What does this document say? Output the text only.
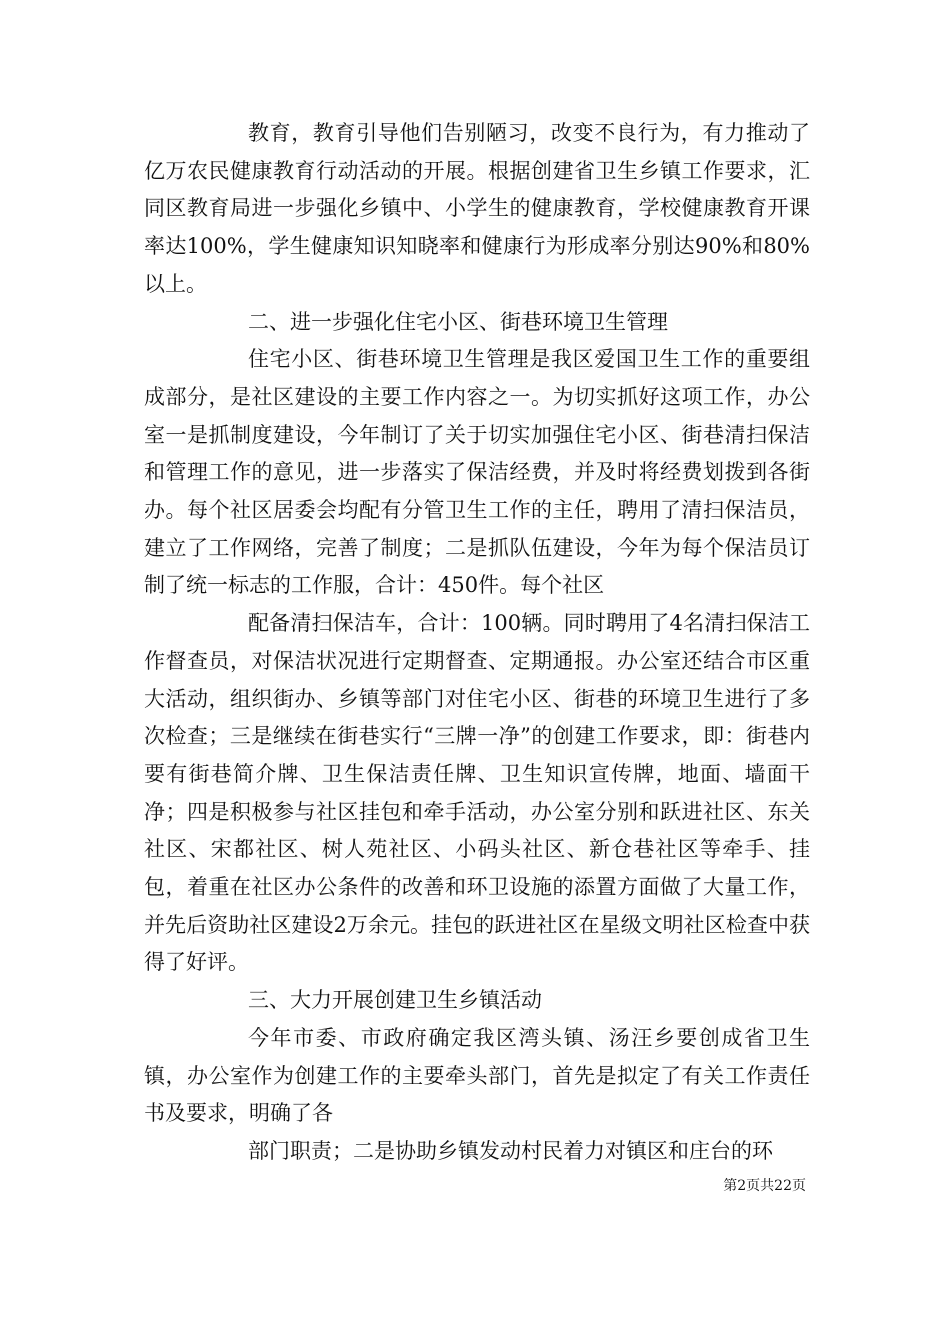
教育，教育引导他们告别陋习，改变不良行为，有力推动了亿万农民健康教育行动活动的开展。根据创建省卫生乡镇工作要求，汇同区教育局进一步强化乡镇中、小学生的健康教育，学校健康教育开课率达100%，学生健康知识知晓率和健康行为形成率分别达90%和80%以上。

二、进一步强化住宅小区、街巷环境卫生管理

住宅小区、街巷环境卫生管理是我区爱国卫生工作的重要组成部分，是社区建设的主要工作内容之一。为切实抓好这项工作，办公室一是抓制度建设，今年制订了关于切实加强住宅小区、街巷清扫保洁和管理工作的意见，进一步落实了保洁经费，并及时将经费划拨到各街办。每个社区居委会均配有分管卫生工作的主任，聘用了清扫保洁员，建立了工作网络，完善了制度；二是抓队伍建设，今年为每个保洁员订制了统一标志的工作服，合计：450件。每个社区

配备清扫保洁车，合计：100辆。同时聘用了4名清扫保洁工作督查员，对保洁状况进行定期督查、定期通报。办公室还结合市区重大活动，组织街办、乡镇等部门对住宅小区、街巷的环境卫生进行了多次检查；三是继续在街巷实行“三牌一净”的创建工作要求，即：街巷内要有街巷简介牌、卫生保洁责任牌、卫生知识宣传牌，地面、墙面干净；四是积极参与社区挂包和牵手活动，办公室分别和跃进社区、东关社区、宋都社区、树人苑社区、小码头社区、新仓巷社区等牵手、挂包，着重在社区办公条件的改善和环卫设施的添置方面做了大量工作，并先后资助社区建设2万余元。挂包的跃进社区在星级文明社区检查中获得了好评。

三、大力开展创建卫生乡镇活动

今年市委、市政府确定我区湾头镇、汤汪乡要创成省卫生镇，办公室作为创建工作的主要牵头部门，首先是拟定了有关工作责任书及要求，明确了各

部门职责；二是协助乡镇发动村民着力对镇区和庄台的环

第2页共22页
